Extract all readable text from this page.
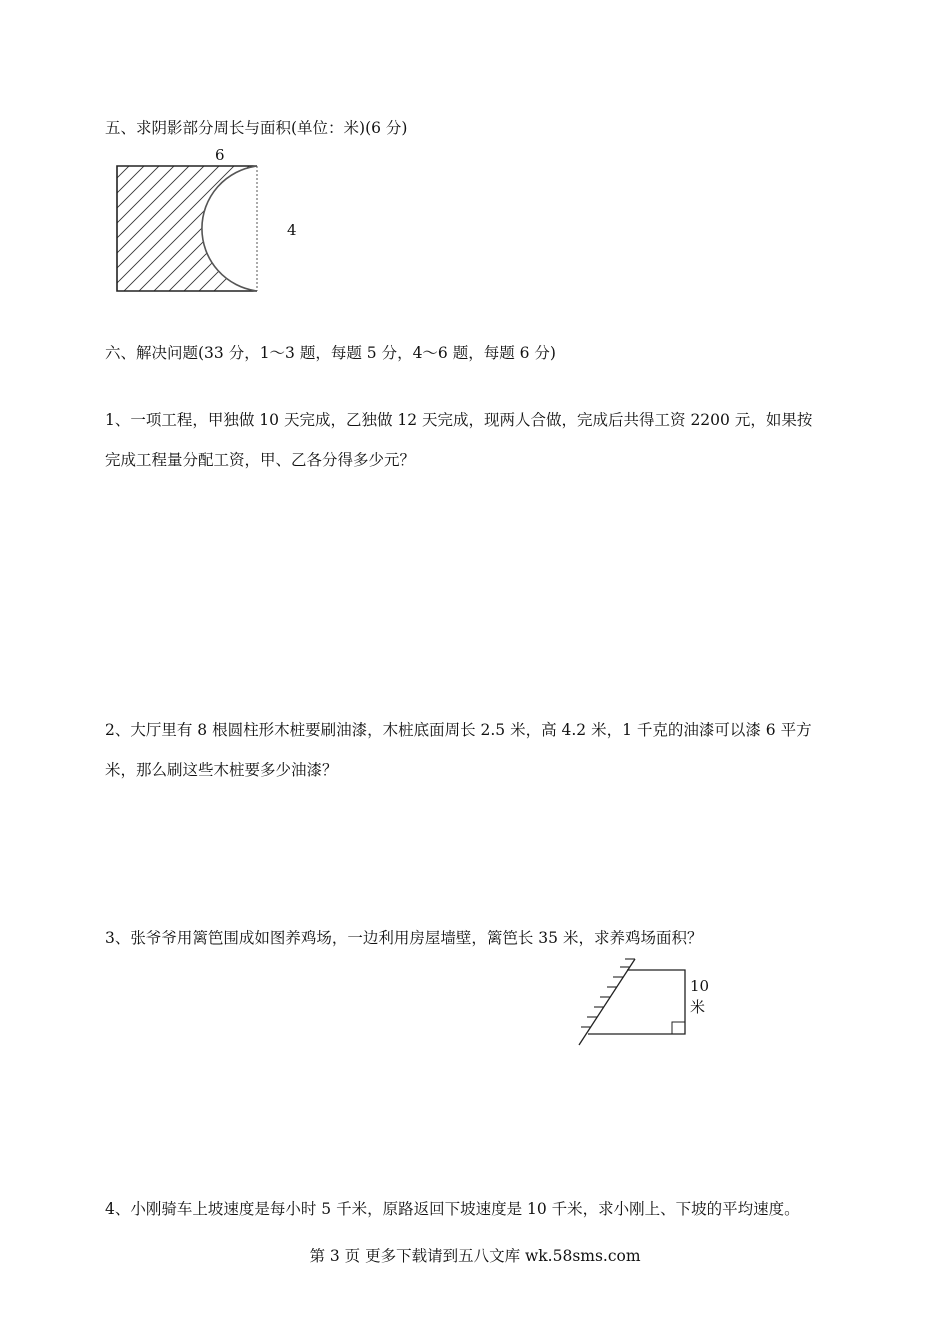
五、求阴影部分周长与面积(单位：米)(6 分)
6
4
六、解决问题(33 分，1～3 题，每题 5 分，4～6 题，每题 6 分)
1、一项工程，甲独做 10 天完成，乙独做 12 天完成，现两人合做，完成后共得工资 2200 元，如果按
完成工程量分配工资，甲、乙各分得多少元？
2、大厅里有 8 根圆柱形木桩要刷油漆，木桩底面周长 2.5 米，高 4.2 米，1 千克的油漆可以漆 6 平方
米，那么刷这些木桩要多少油漆？
3、张爷爷用篱笆围成如图养鸡场，一边利用房屋墙壁，篱笆长 35 米，求养鸡场面积？
10
米
4、小刚骑车上坡速度是每小时 5 千米，原路返回下坡速度是 10 千米，求小刚上、下坡的平均速度。
第 3 页 更多下载请到五八文库 wk.58sms.com
